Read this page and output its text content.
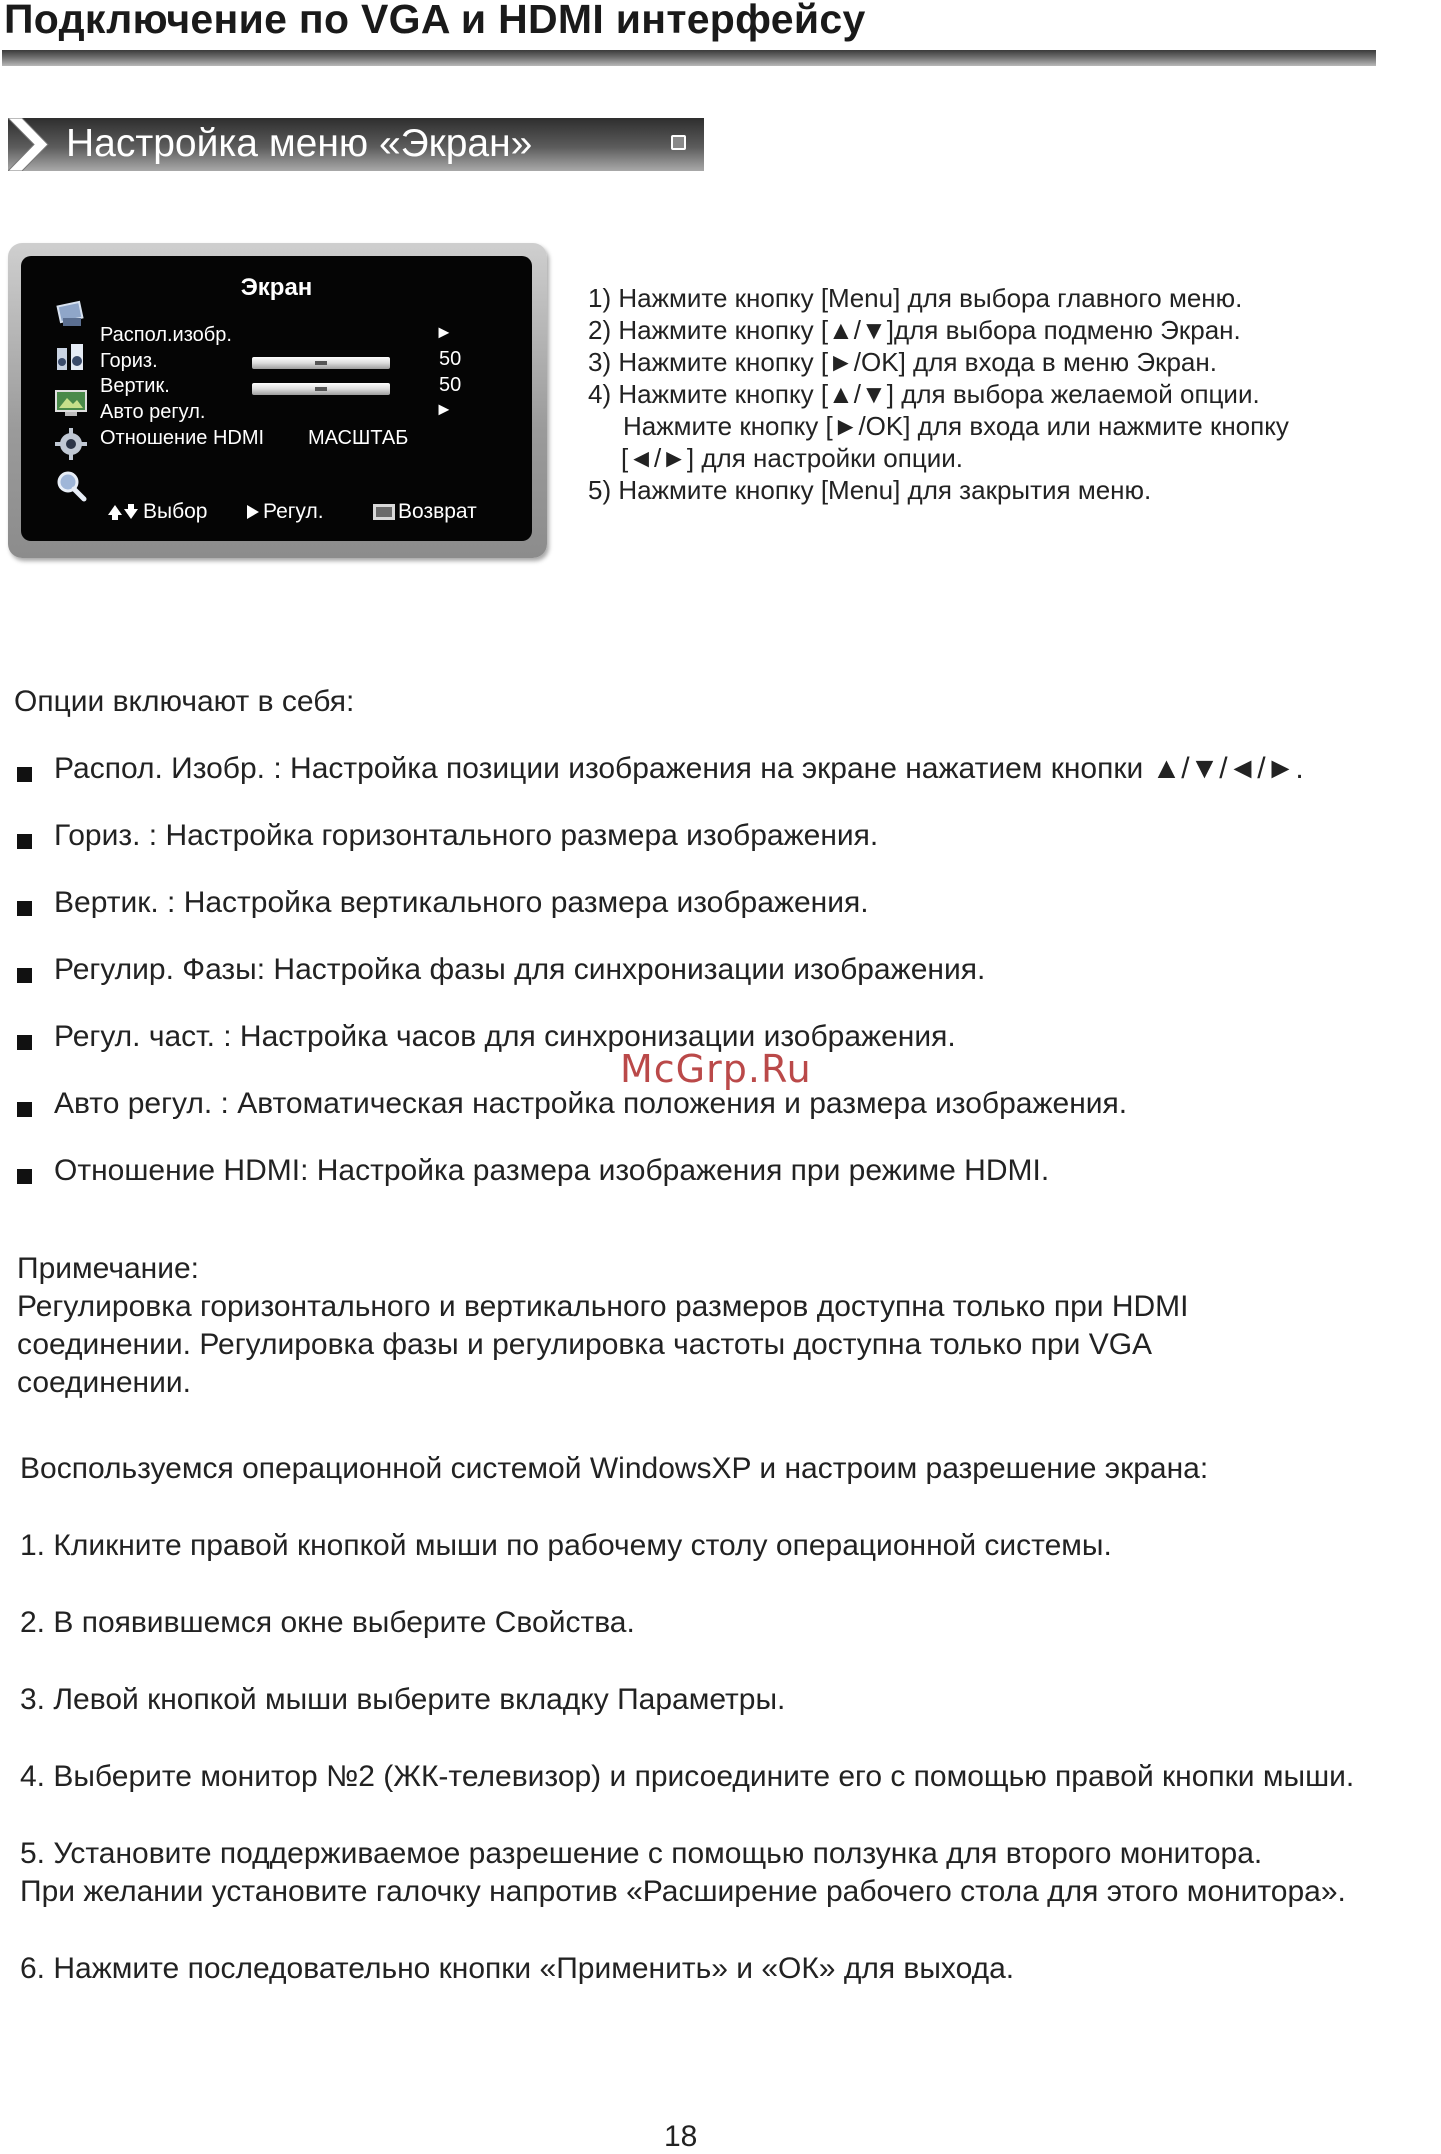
Подключение по VGA и HDMI интерфейсу
Настройка меню «Экран»
Экран
Распол.изобр.	►
Гориз.	50
Вертик.	50
Авто регул.	►
Отношение HDMI МАСШТАБ
Выбор	Регул.	Возврат
1) Нажмите кнопку [Menu] для выбора главного меню.
2) Нажмите кнопку [▲/▼]для выбора подменю Экран.
3) Нажмите кнопку [►/OK] для входа в меню Экран.
4) Нажмите кнопку [▲/▼] для выбора желаемой опции.
Нажмите кнопку [►/OK] для входа или нажмите кнопку
[◄/►] для настройки опции.
5) Нажмите кнопку [Menu] для закрытия меню.
Опции включают в себя:
Распол. Изобр. : Настройка позиции изображения на экране нажатием кнопки ▲/▼/◄/►.
Гориз. : Настройка горизонтального размера изображения.
Вертик. : Настройка вертикального размера изображения.
Регулир. Фазы: Настройка фазы для синхронизации изображения.
Регул. част. : Настройка часов для синхронизации изображения.
Авто регул. : Автоматическая настройка положения и размера изображения.
Отношение HDMI: Настройка размера изображения при режиме HDMI.
McGrp.Ru
Примечание:
Регулировка горизонтального и вертикального размеров доступна только при HDMI
соединении. Регулировка фазы и регулировка частоты доступна только при VGA
соединении.
Воспользуемся операционной системой WindowsXP и настроим разрешение экрана:
1. Кликните правой кнопкой мыши по рабочему столу операционной системы.
2. В появившемся окне выберите Свойства.
3. Левой кнопкой мыши выберите вкладку Параметры.
4. Выберите монитор №2 (ЖК-телевизор) и присоедините его с помощью правой кнопки мыши.
5. Установите поддерживаемое разрешение с помощью ползунка для второго монитора.
При желании установите галочку напротив «Расширение рабочего стола для этого монитора».
6. Нажмите последовательно кнопки «Применить» и «ОК» для выхода.
18
